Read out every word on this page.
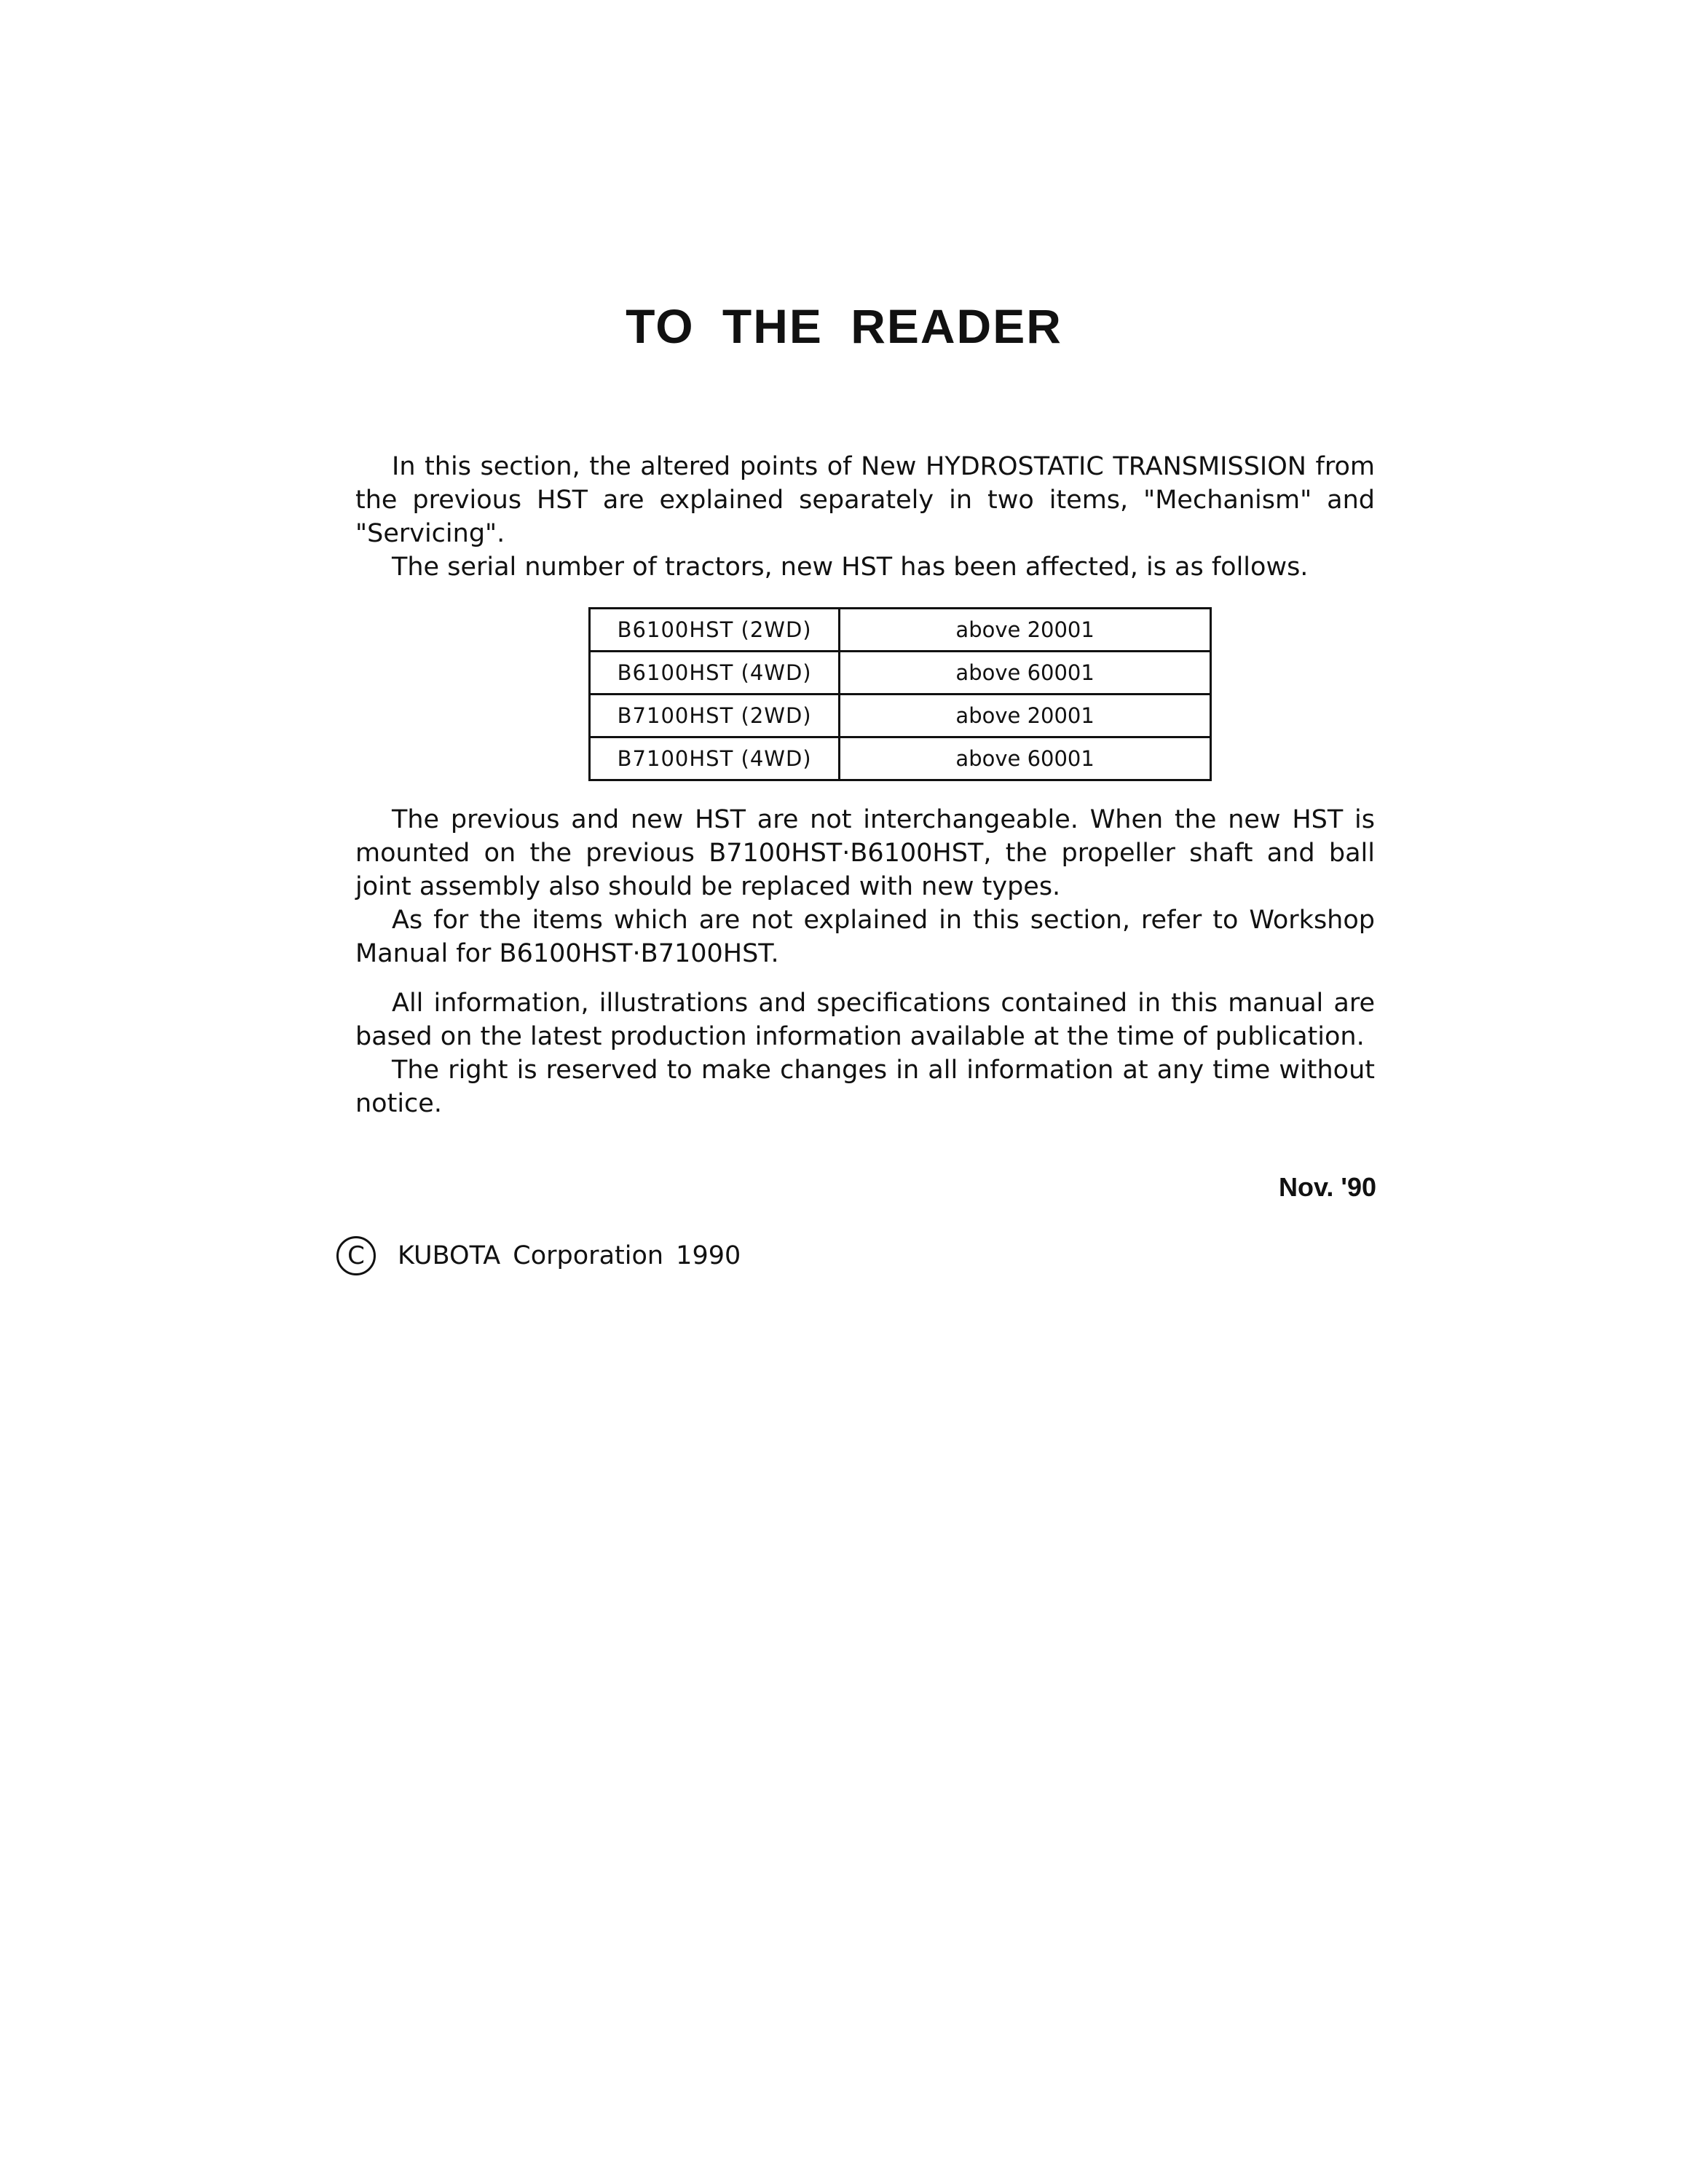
TO THE READER

In this section, the altered points of New HYDROSTATIC TRANSMISSION from the previous HST are explained separately in two items, "Mechanism" and "Servicing".

The serial number of tractors, new HST has been affected, is as follows.

B6100HST (2WD)	above 20001
B6100HST (4WD)	above 60001
B7100HST (2WD)	above 20001
B7100HST (4WD)	above 60001

The previous and new HST are not interchangeable. When the new HST is mounted on the previous B7100HST·B6100HST, the propeller shaft and ball joint assembly also should be replaced with new types.

As for the items which are not explained in this section, refer to Workshop Manual for B6100HST·B7100HST.

All information, illustrations and specifications contained in this manual are based on the latest production information available at the time of publication.

The right is reserved to make changes in all information at any time without notice.

Nov. '90
C	KUBOTA Corporation 1990
